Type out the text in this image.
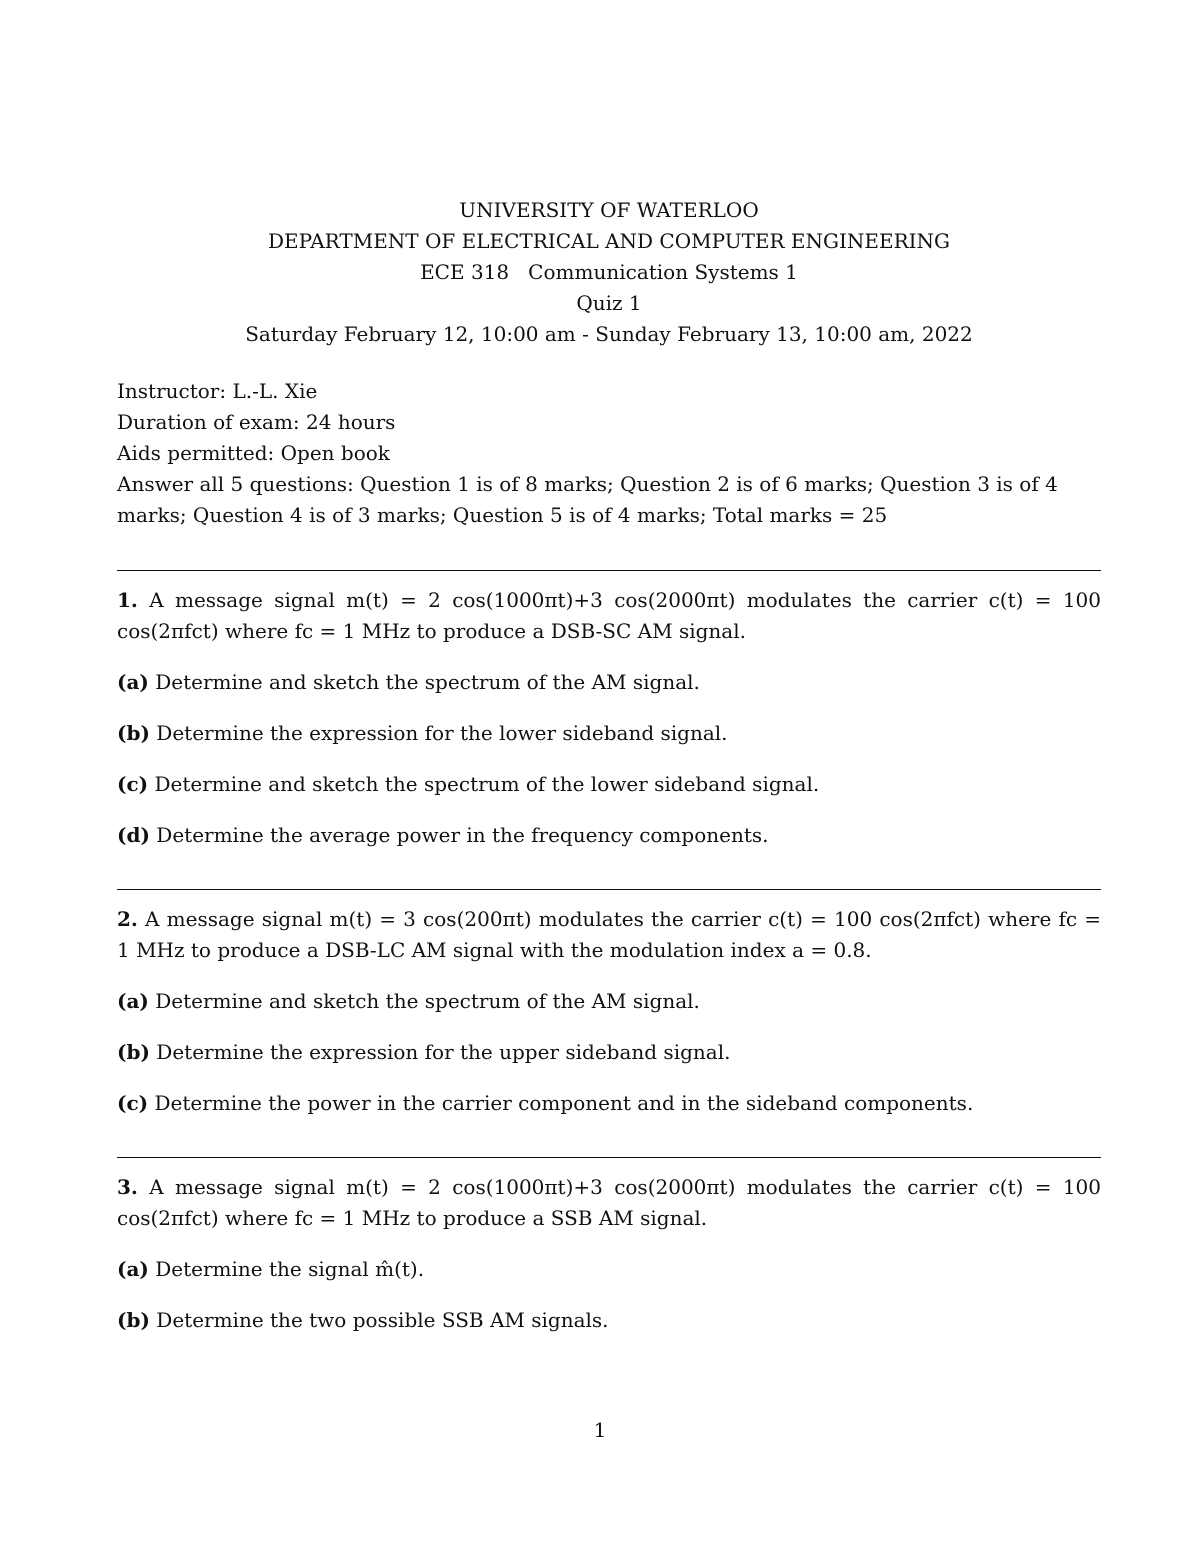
UNIVERSITY OF WATERLOO
DEPARTMENT OF ELECTRICAL AND COMPUTER ENGINEERING
ECE 318   Communication Systems 1
Quiz 1
Saturday February 12, 10:00 am - Sunday February 13, 10:00 am, 2022
Instructor: L.-L. Xie
Duration of exam: 24 hours
Aids permitted: Open book
Answer all 5 questions: Question 1 is of 8 marks; Question 2 is of 6 marks; Question 3 is of 4 marks; Question 4 is of 3 marks; Question 5 is of 4 marks; Total marks = 25
1. A message signal m(t) = 2 cos(1000πt)+3 cos(2000πt) modulates the carrier c(t) = 100 cos(2πfct) where fc = 1 MHz to produce a DSB-SC AM signal.
(a) Determine and sketch the spectrum of the AM signal.
(b) Determine the expression for the lower sideband signal.
(c) Determine and sketch the spectrum of the lower sideband signal.
(d) Determine the average power in the frequency components.
2. A message signal m(t) = 3 cos(200πt) modulates the carrier c(t) = 100 cos(2πfct) where fc = 1 MHz to produce a DSB-LC AM signal with the modulation index a = 0.8.
(a) Determine and sketch the spectrum of the AM signal.
(b) Determine the expression for the upper sideband signal.
(c) Determine the power in the carrier component and in the sideband components.
3. A message signal m(t) = 2 cos(1000πt)+3 cos(2000πt) modulates the carrier c(t) = 100 cos(2πfct) where fc = 1 MHz to produce a SSB AM signal.
(a) Determine the signal m̂(t).
(b) Determine the two possible SSB AM signals.
1
